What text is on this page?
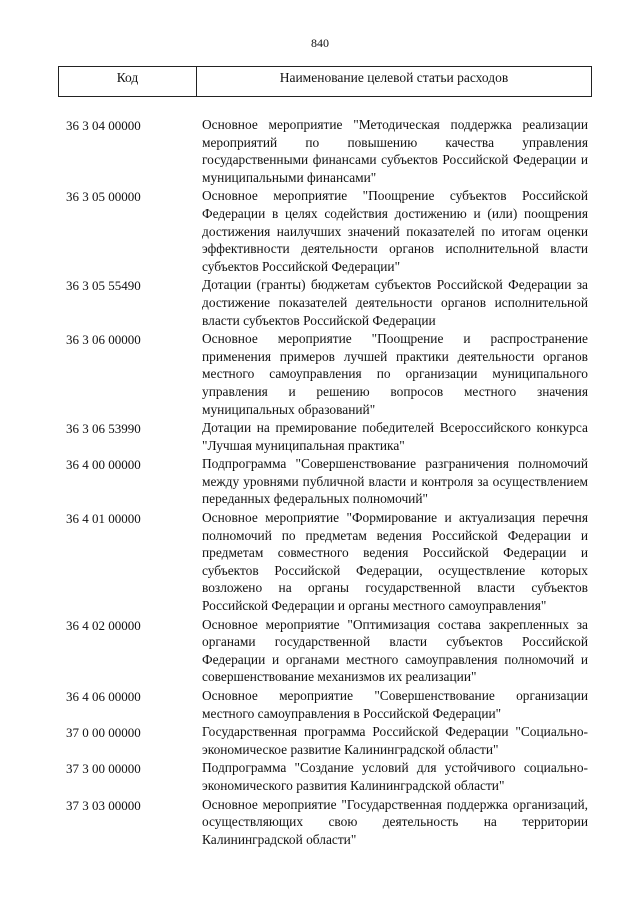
840
Код	Наименование целевой статьи расходов
36 3 04 00000	Основное мероприятие "Методическая поддержка реализации мероприятий по повышению качества управления государственными финансами субъектов Российской Федерации и муниципальными финансами"
36 3 05 00000	Основное мероприятие "Поощрение субъектов Российской Федерации в целях содействия достижению и (или) поощрения достижения наилучших значений показателей по итогам оценки эффективности деятельности органов исполнительной власти субъектов Российской Федерации"
36 3 05 55490	Дотации (гранты) бюджетам субъектов Российской Федерации за достижение показателей деятельности органов исполнительной власти субъектов Российской Федерации
36 3 06 00000	Основное мероприятие "Поощрение и распространение применения примеров лучшей практики деятельности органов местного самоуправления по организации муниципального управления и решению вопросов местного значения муниципальных образований"
36 3 06 53990	Дотации на премирование победителей Всероссийского конкурса "Лучшая муниципальная практика"
36 4 00 00000	Подпрограмма "Совершенствование разграничения полномочий между уровнями публичной власти и контроля за осуществлением переданных федеральных полномочий"
36 4 01 00000	Основное мероприятие "Формирование и актуализация перечня полномочий по предметам ведения Российской Федерации и предметам совместного ведения Российской Федерации и субъектов Российской Федерации, осуществление которых возложено на органы государственной власти субъектов Российской Федерации и органы местного самоуправления"
36 4 02 00000	Основное мероприятие "Оптимизация состава закрепленных за органами государственной власти субъектов Российской Федерации и органами местного самоуправления полномочий и совершенствование механизмов их реализации"
36 4 06 00000	Основное мероприятие "Совершенствование организации местного самоуправления в Российской Федерации"
37 0 00 00000	Государственная программа Российской Федерации "Социально-экономическое развитие Калининградской области"
37 3 00 00000	Подпрограмма "Создание условий для устойчивого социально-экономического развития Калининградской области"
37 3 03 00000	Основное мероприятие "Государственная поддержка организаций, осуществляющих свою деятельность на территории Калининградской области"
